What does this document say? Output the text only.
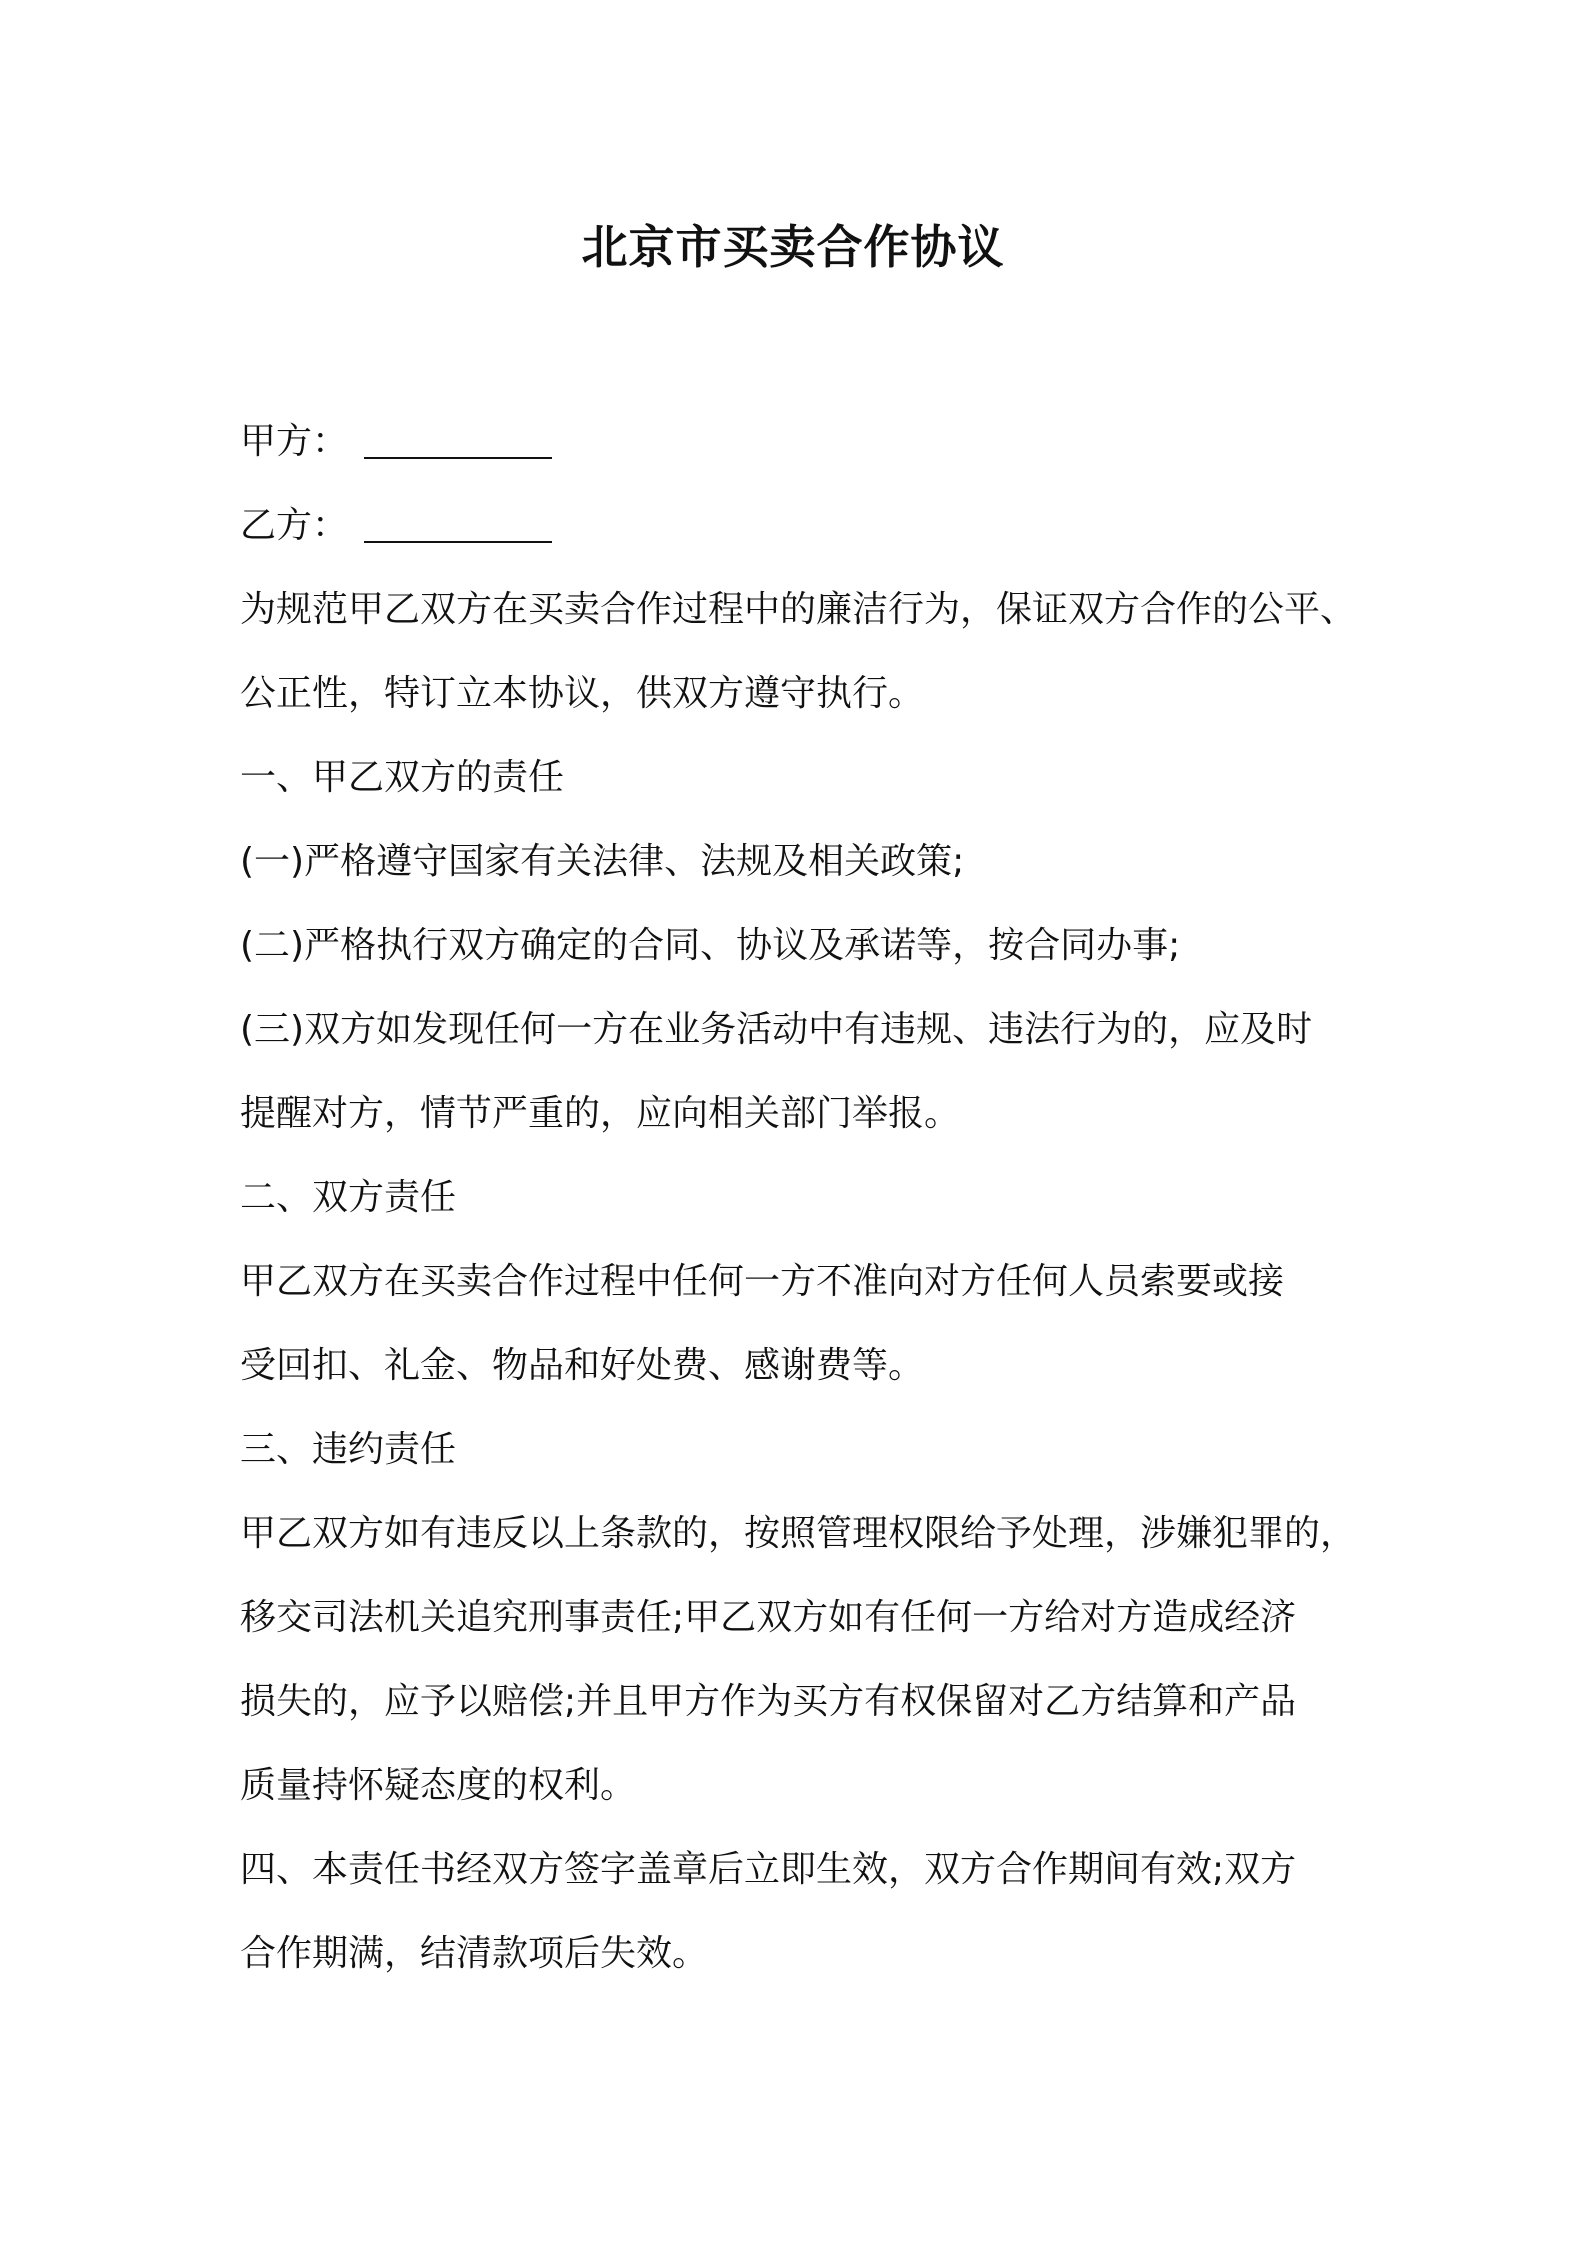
北京市买卖合作协议
甲方：
乙方：
为规范甲乙双方在买卖合作过程中的廉洁行为，保证双方合作的公平、
公正性，特订立本协议，供双方遵守执行。
一、甲乙双方的责任
(一)严格遵守国家有关法律、法规及相关政策;
(二)严格执行双方确定的合同、协议及承诺等，按合同办事;
(三)双方如发现任何一方在业务活动中有违规、违法行为的，应及时
提醒对方，情节严重的，应向相关部门举报。
二、双方责任
甲乙双方在买卖合作过程中任何一方不准向对方任何人员索要或接
受回扣、礼金、物品和好处费、感谢费等。
三、违约责任
甲乙双方如有违反以上条款的，按照管理权限给予处理，涉嫌犯罪的，
移交司法机关追究刑事责任;甲乙双方如有任何一方给对方造成经济
损失的，应予以赔偿;并且甲方作为买方有权保留对乙方结算和产品
质量持怀疑态度的权利。
四、本责任书经双方签字盖章后立即生效，双方合作期间有效;双方
合作期满，结清款项后失效。
